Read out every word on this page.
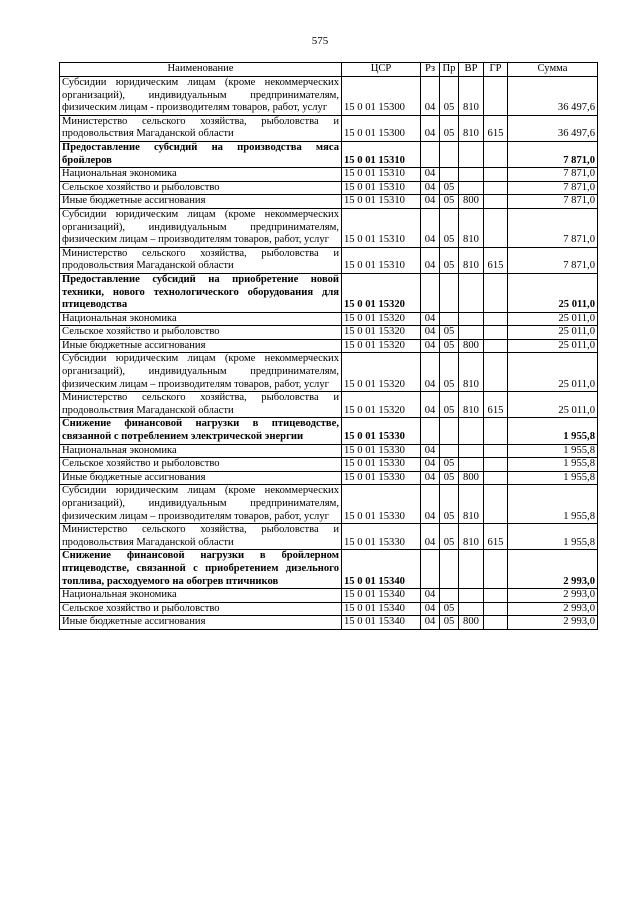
575
Наименование	ЦСР	Рз	Пр	ВР	ГР	Сумма
Субсидии юридическим лицам (кроме некоммерческих организаций), индивидуальным предпринимателям, физическим лицам - производителям товаров, работ, услуг	15 0 01 15300	04	05	810		36 497,6
Министерство сельского хозяйства, рыболовства и продовольствия Магаданской области	15 0 01 15300	04	05	810	615	36 497,6
Предоставление субсидий на производства мяса бройлеров	15 0 01 15310					7 871,0
Национальная экономика	15 0 01 15310	04				7 871,0
Сельское хозяйство и рыболовство	15 0 01 15310	04	05			7 871,0
Иные бюджетные ассигнования	15 0 01 15310	04	05	800		7 871,0
Субсидии юридическим лицам (кроме некоммерческих организаций), индивидуальным предпринимателям, физическим лицам – производителям товаров, работ, услуг	15 0 01 15310	04	05	810		7 871,0
Министерство сельского хозяйства, рыболовства и продовольствия Магаданской области	15 0 01 15310	04	05	810	615	7 871,0
Предоставление субсидий на приобретение новой техники, нового технологического оборудования для птицеводства	15 0 01 15320					25 011,0
Национальная экономика	15 0 01 15320	04				25 011,0
Сельское хозяйство и рыболовство	15 0 01 15320	04	05			25 011,0
Иные бюджетные ассигнования	15 0 01 15320	04	05	800		25 011,0
Субсидии юридическим лицам (кроме некоммерческих организаций), индивидуальным предпринимателям, физическим лицам – производителям товаров, работ, услуг	15 0 01 15320	04	05	810		25 011,0
Министерство сельского хозяйства, рыболовства и продовольствия Магаданской области	15 0 01 15320	04	05	810	615	25 011,0
Снижение финансовой нагрузки в птицеводстве, связанной с потреблением электрической энергии	15 0 01 15330					1 955,8
Национальная экономика	15 0 01 15330	04				1 955,8
Сельское хозяйство и рыболовство	15 0 01 15330	04	05			1 955,8
Иные бюджетные ассигнования	15 0 01 15330	04	05	800		1 955,8
Субсидии юридическим лицам (кроме некоммерческих организаций), индивидуальным предпринимателям, физическим лицам – производителям товаров, работ, услуг	15 0 01 15330	04	05	810		1 955,8
Министерство сельского хозяйства, рыболовства и продовольствия Магаданской области	15 0 01 15330	04	05	810	615	1 955,8
Снижение финансовой нагрузки в бройлерном птицеводстве, связанной с приобретением дизельного топлива, расходуемого на обогрев птичников	15 0 01 15340					2 993,0
Национальная экономика	15 0 01 15340	04				2 993,0
Сельское хозяйство и рыболовство	15 0 01 15340	04	05			2 993,0
Иные бюджетные ассигнования	15 0 01 15340	04	05	800		2 993,0
